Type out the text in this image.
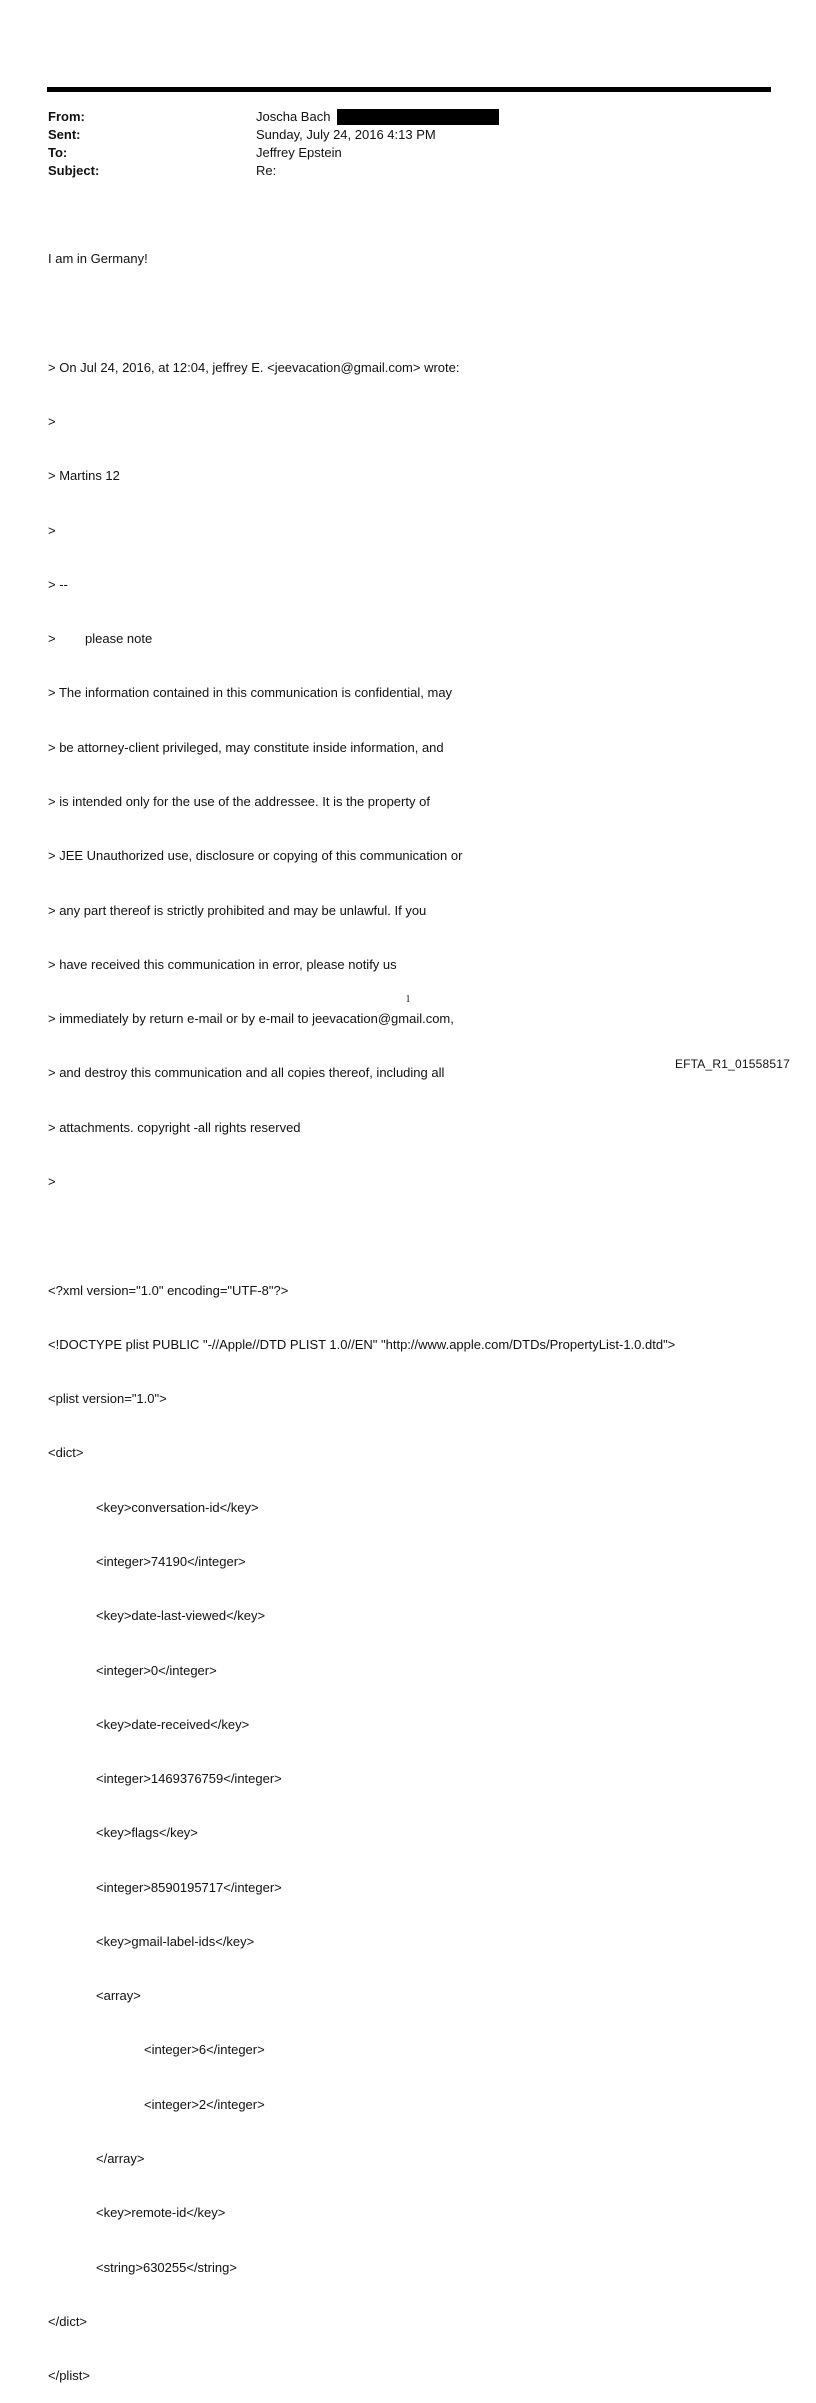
From:	Joscha Bach
Sent:	Sunday, July 24, 2016 4:13 PM
To:	Jeffrey Epstein
Subject:	Re:

I am in Germany!

> On Jul 24, 2016, at 12:04, jeffrey E. <jeevacation@gmail.com> wrote:

>

> Martins 12

>

> --

> please note

> The information contained in this communication is confidential, may

> be attorney-client privileged, may constitute inside information, and

> is intended only for the use of the addressee. It is the property of

> JEE Unauthorized use, disclosure or copying of this communication or

> any part thereof is strictly prohibited and may be unlawful. If you

> have received this communication in error, please notify us

> immediately by return e-mail or by e-mail to jeevacation@gmail.com,

> and destroy this communication and all copies thereof, including all

> attachments. copyright -all rights reserved

>

<?xml version="1.0" encoding="UTF-8"?>

<!DOCTYPE plist PUBLIC "-//Apple//DTD PLIST 1.0//EN" "http://www.apple.com/DTDs/PropertyList-1.0.dtd">

<plist version="1.0">

<dict>

<key>conversation-id</key>

<integer>74190</integer>

<key>date-last-viewed</key>

<integer>0</integer>

<key>date-received</key>

<integer>1469376759</integer>

<key>flags</key>

<integer>8590195717</integer>

<key>gmail-label-ids</key>

<array>

<integer>6</integer>

<integer>2</integer>

</array>

<key>remote-id</key>

<string>630255</string>

</dict>

</plist>

1
EFTA_R1_01558517
